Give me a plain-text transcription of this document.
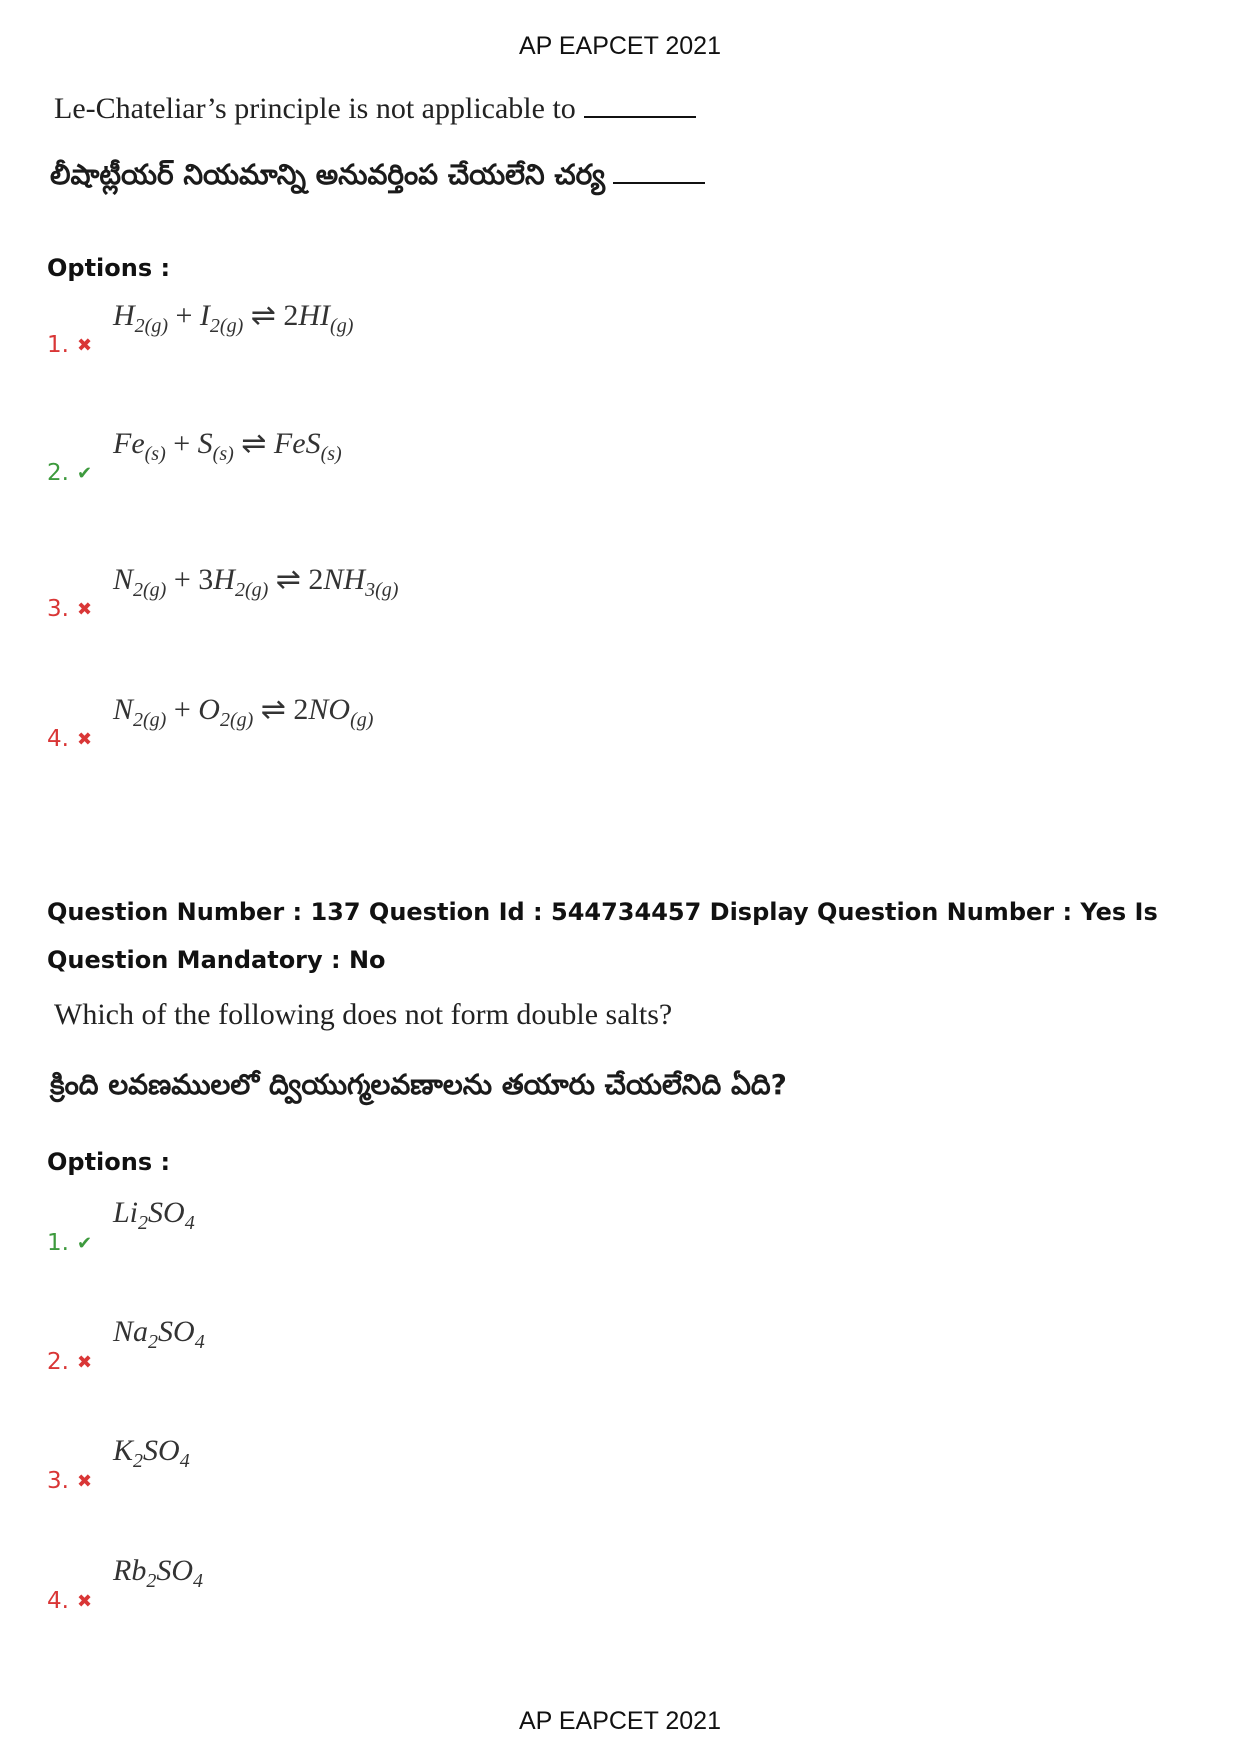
AP EAPCET 2021
Le-Chateliar’s principle is not applicable to
లీషాట్లీయర్ నియమాన్ని అనువర్తింప చేయలేని చర్య
Options :
1. ✖
$H_{2(g)} + I_{2(g)}$ ⇌ $2HI_{(g)}$
2. ✔
$Fe_{(s)} + S_{(s)}$ ⇌ FeS$_{(s)}$
3. ✖
$N_{2(g)} + 3H_{2(g)}$ ⇌ $2NH_{3(g)}$
4. ✖
$N_{2(g)} + O_{2(g)}$ ⇌ $2NO_{(g)}$
Question Number : 137 Question Id : 544734457 Display Question Number : Yes Is Question Mandatory : No
Which of the following does not form double salts?
క్రింది లవణములలో ద్వియుగ్మలవణాలను తయారు చేయలేనిది ఏది?
Options :
1. ✔
$Li_2SO_4$
2. ✖
$Na_2SO_4$
3. ✖
$K_2SO_4$
4. ✖
$Rb_2SO_4$
AP EAPCET 2021
